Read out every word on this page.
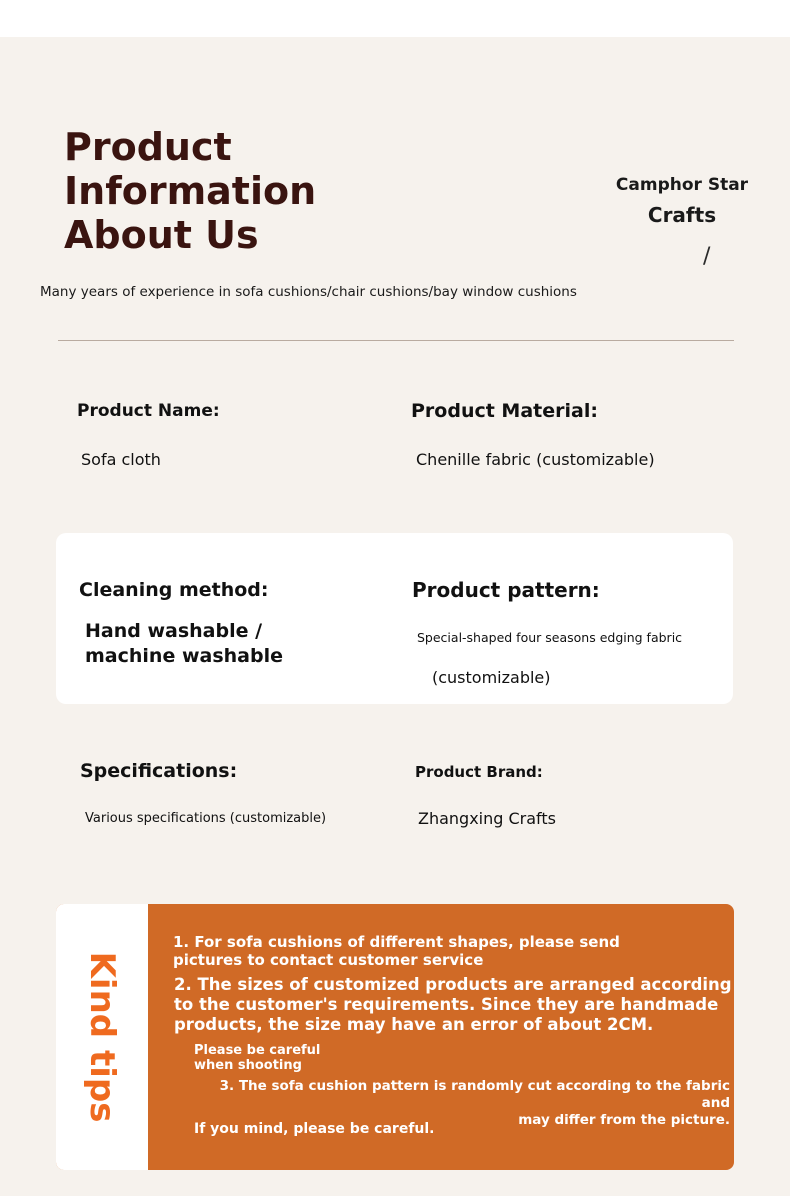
Product
Information
About Us
Camphor Star
Crafts
/
Many years of experience in sofa cushions/chair cushions/bay window cushions
Product Name:
Sofa cloth
Product Material:
Chenille fabric (customizable)
Cleaning method:
Hand washable /
machine washable
Product pattern:
Special-shaped four seasons edging fabric
(customizable)
Specifications:
Various specifications (customizable)
Product Brand:
Zhangxing Crafts
Kind tips
1. For sofa cushions of different shapes, please send
pictures to contact customer service
2. The sizes of customized products are arranged according
to the customer's requirements. Since they are handmade
products, the size may have an error of about 2CM.
Please be careful
when shooting
3. The sofa cushion pattern is randomly cut according to the fabric and
may differ from the picture.
If you mind, please be careful.
